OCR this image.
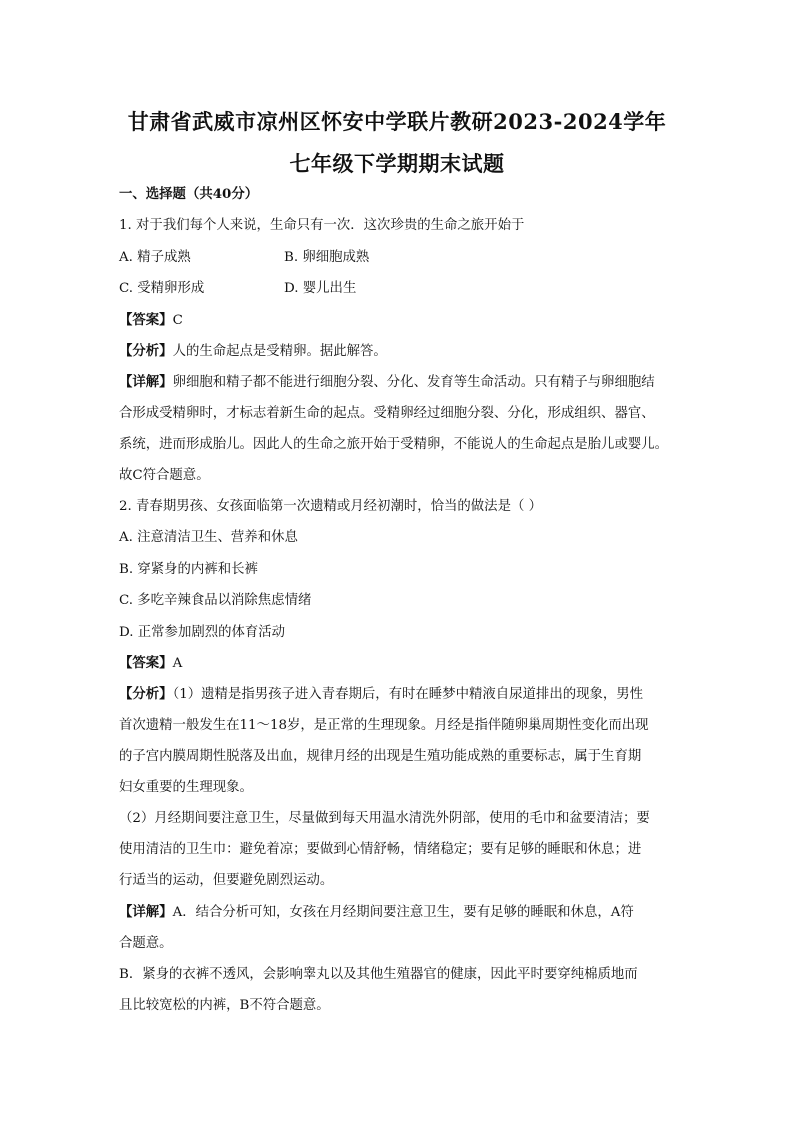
甘肃省武威市凉州区怀安中学联片教研2023-2024学年
七年级下学期期末试题
一、选择题（共40分）
1. 对于我们每个人来说，生命只有一次．这次珍贵的生命之旅开始于
A. 精子成熟	B. 卵细胞成熟
C. 受精卵形成	D. 婴儿出生
【答案】C
【分析】人的生命起点是受精卵。据此解答。
【详解】卵细胞和精子都不能进行细胞分裂、分化、发育等生命活动。只有精子与卵细胞结
合形成受精卵时，才标志着新生命的起点。受精卵经过细胞分裂、分化，形成组织、器官、
系统，进而形成胎儿。因此人的生命之旅开始于受精卵，不能说人的生命起点是胎儿或婴儿。
故C符合题意。
2. 青春期男孩、女孩面临第一次遗精或月经初潮时，恰当的做法是（ ）
A. 注意清洁卫生、营养和休息
B. 穿紧身的内裤和长裤
C. 多吃辛辣食品以消除焦虑情绪
D. 正常参加剧烈的体育活动
【答案】A
【分析】（1）遗精是指男孩子进入青春期后，有时在睡梦中精液自尿道排出的现象，男性
首次遗精一般发生在11～18岁，是正常的生理现象。月经是指伴随卵巢周期性变化而出现
的子宫内膜周期性脱落及出血，规律月经的出现是生殖功能成熟的重要标志，属于生育期
妇女重要的生理现象。
（2）月经期间要注意卫生，尽量做到每天用温水清洗外阴部，使用的毛巾和盆要清洁；要
使用清洁的卫生巾：避免着凉；要做到心情舒畅，情绪稳定；要有足够的睡眠和休息；进
行适当的运动，但要避免剧烈运动。
【详解】A．结合分析可知，女孩在月经期间要注意卫生，要有足够的睡眠和休息，A符
合题意。
B．紧身的衣裤不透风，会影响睾丸以及其他生殖器官的健康，因此平时要穿纯棉质地而
且比较宽松的内裤，B不符合题意。
